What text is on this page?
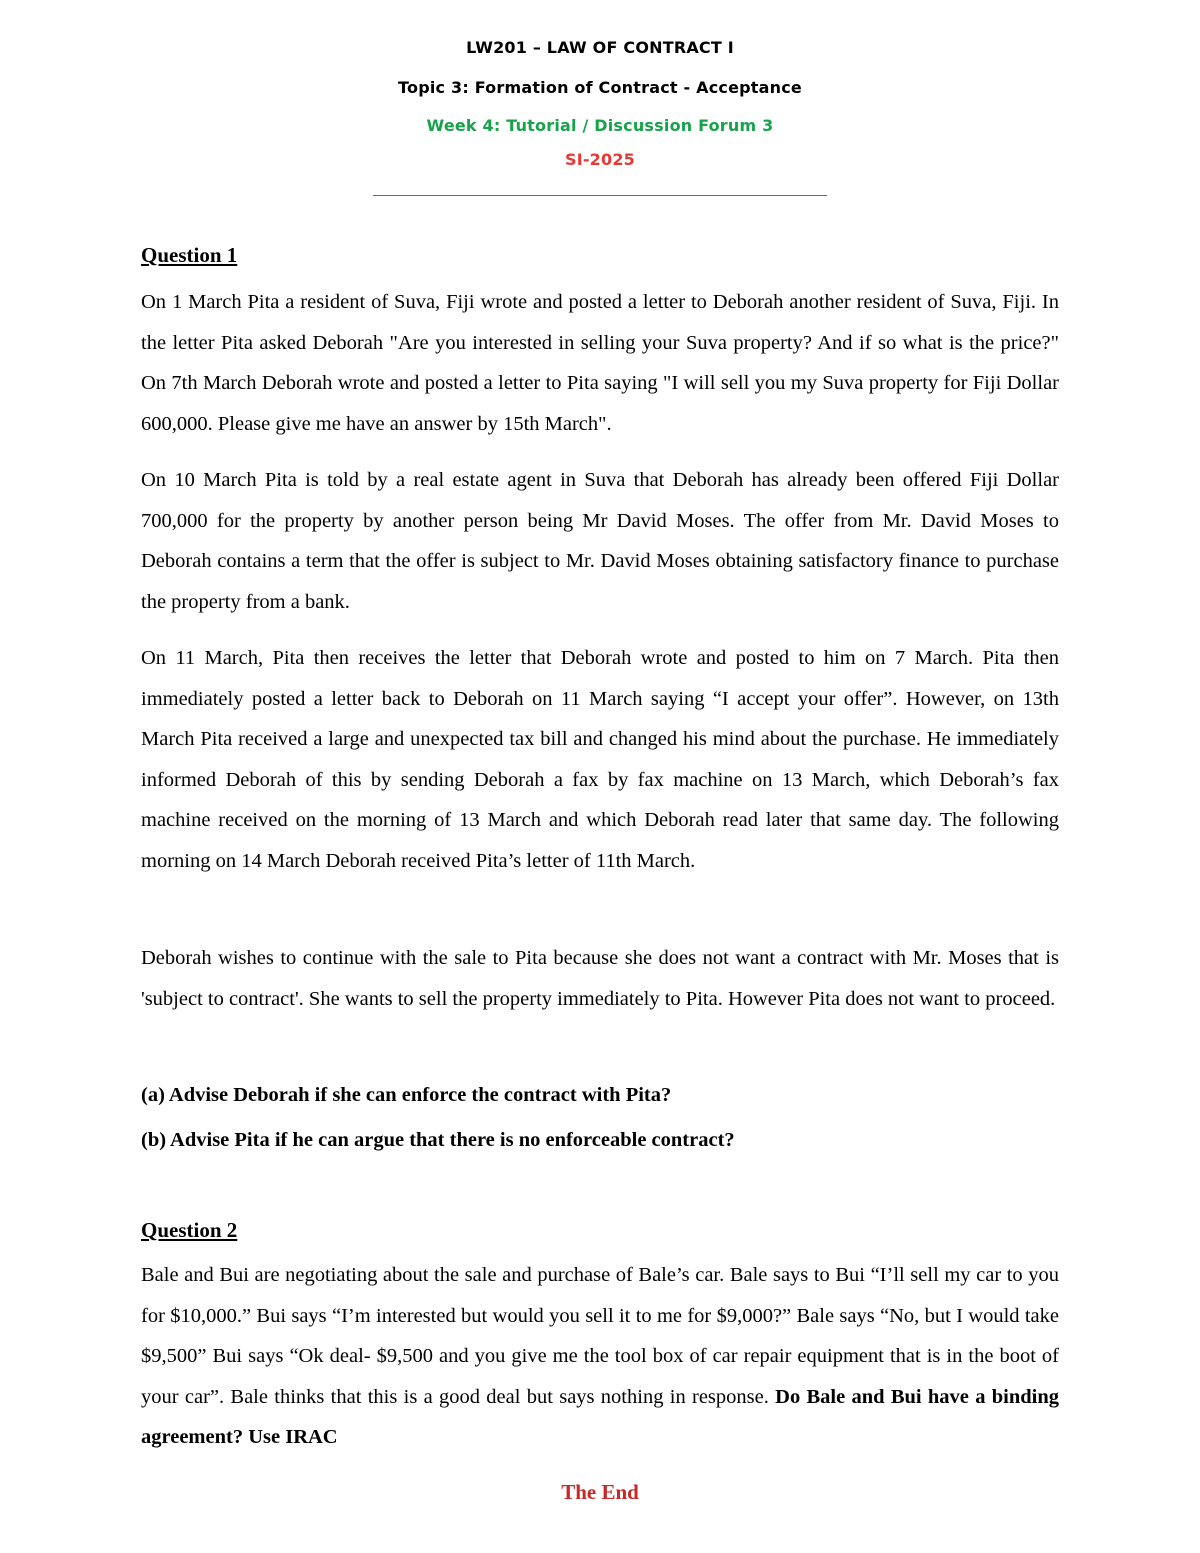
LW201 – LAW OF CONTRACT I

Topic 3: Formation of Contract - Acceptance

Week 4: Tutorial / Discussion Forum 3

SI-2025

Question 1

On 1 March Pita a resident of Suva, Fiji wrote and posted a letter to Deborah another resident of Suva, Fiji. In the letter Pita asked Deborah "Are you interested in selling your Suva property? And if so what is the price?" On 7th March Deborah wrote and posted a letter to Pita saying "I will sell you my Suva property for Fiji Dollar 600,000. Please give me have an answer by 15th March".

On 10 March Pita is told by a real estate agent in Suva that Deborah has already been offered Fiji Dollar 700,000 for the property by another person being Mr David Moses. The offer from Mr. David Moses to Deborah contains a term that the offer is subject to Mr. David Moses obtaining satisfactory finance to purchase the property from a bank.

On 11 March, Pita then receives the letter that Deborah wrote and posted to him on 7 March. Pita then immediately posted a letter back to Deborah on 11 March saying “I accept your offer”. However, on 13th March Pita received a large and unexpected tax bill and changed his mind about the purchase. He immediately informed Deborah of this by sending Deborah a fax by fax machine on 13 March, which Deborah’s fax machine received on the morning of 13 March and which Deborah read later that same day. The following morning on 14 March Deborah received Pita’s letter of 11th March.

Deborah wishes to continue with the sale to Pita because she does not want a contract with Mr. Moses that is 'subject to contract'. She wants to sell the property immediately to Pita. However Pita does not want to proceed.

(a) Advise Deborah if she can enforce the contract with Pita?

(b) Advise Pita if he can argue that there is no enforceable contract?

Question 2

Bale and Bui are negotiating about the sale and purchase of Bale’s car. Bale says to Bui “I’ll sell my car to you for $10,000.” Bui says “I’m interested but would you sell it to me for $9,000?” Bale says “No, but I would take $9,500” Bui says “Ok deal- $9,500 and you give me the tool box of car repair equipment that is in the boot of your car”. Bale thinks that this is a good deal but says nothing in response. Do Bale and Bui have a binding agreement? Use IRAC

The End
